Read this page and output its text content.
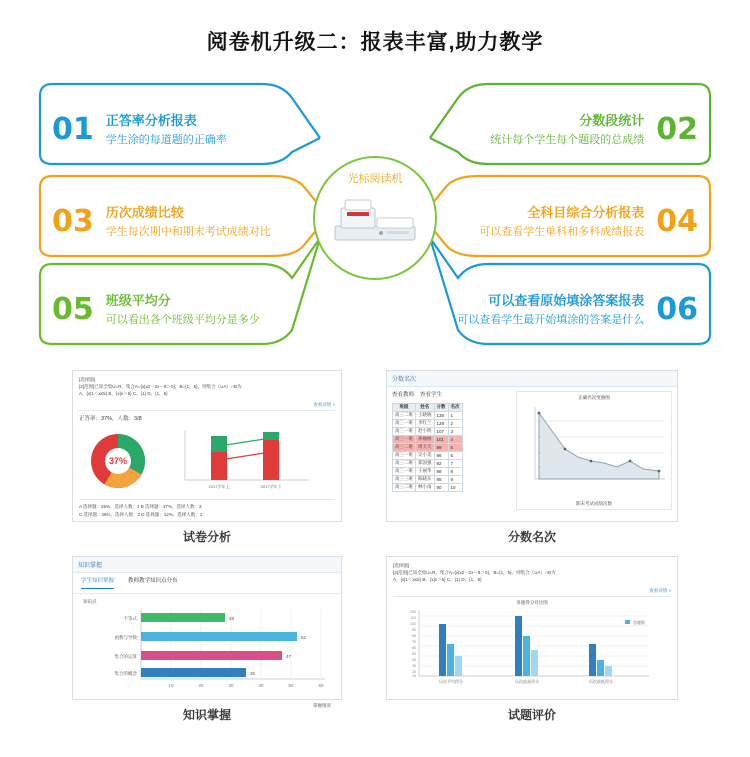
阅卷机升级二：报表丰富,助力教学
01 正答率分析报表
学生涂的每道题的正确率
分数段统计
统计每个学生每个题段的总成绩 02
03 历次成绩比较
学生每次期中和期末考试成绩对比
全科目综合分析报表
可以查看学生单科和多科成绩报表 04
05 班级平均分
可以看出各个班级平均分是多少
可以查看原始填涂答案报表
可以查看学生最开始填涂的答案是什么 06
光标阅读机
[选择题]
[2]范围]已知全集U=R，集合A={x|x2－2x－8＞0}，B={1，5}，则集合（∪A）∩B为
A、{x|1＜x≤5} B、{x|x＞5} C、{1} D、{1，5}
查看详情 »
正答率：37%，人数：3/8
37%
2017学年上	2017学年下
A 选择题：25%，选择人数：2 B 选择题：37%，选择人数：3
C 选择题：25%，选择人数：2 D 选择题：12%，选择人数：1
试卷分析
分数名次
查看教师 查看学生
班级	姓名	分数	名次
高三二班	王晓晓	138	1
高三一班	李红兰	128	2
高三一班	赵小明	107	3
高三一班	孙丽丽	101	4
高三二班	周天天	99	5
高三一班	吴小美	96	6
高三二班	郑国强	92	7
高三一班	王丽华	88	8
高三三班	陈晓东	85	9
高三二班	林小雨	80	10
正确名次变曲图
期末考试成绩次数
分数名次
知识掌握
学生知识掌握	教师教学知识点分布
知识点
28
不等式
52
函数与导数
47
集合的运算
35
集合的概念
10	20	30	40	50	60
掌握情况
知识掌握
[选择题]
[2]范围]已知全集U=R，集合A={x|x2－2x－8＞0}，B={1，5}，则集合（∪A）∩B为
A、{x|1＜x≤5} B、{x|x＞5} C、{1} D、{1，5}
查看详情 »
各题得分对比图
120
110
100
90
80
70
60
50
40
30
20
10
历次平均得分	历次最高得分	历次最低得分
答题数
试题评价
